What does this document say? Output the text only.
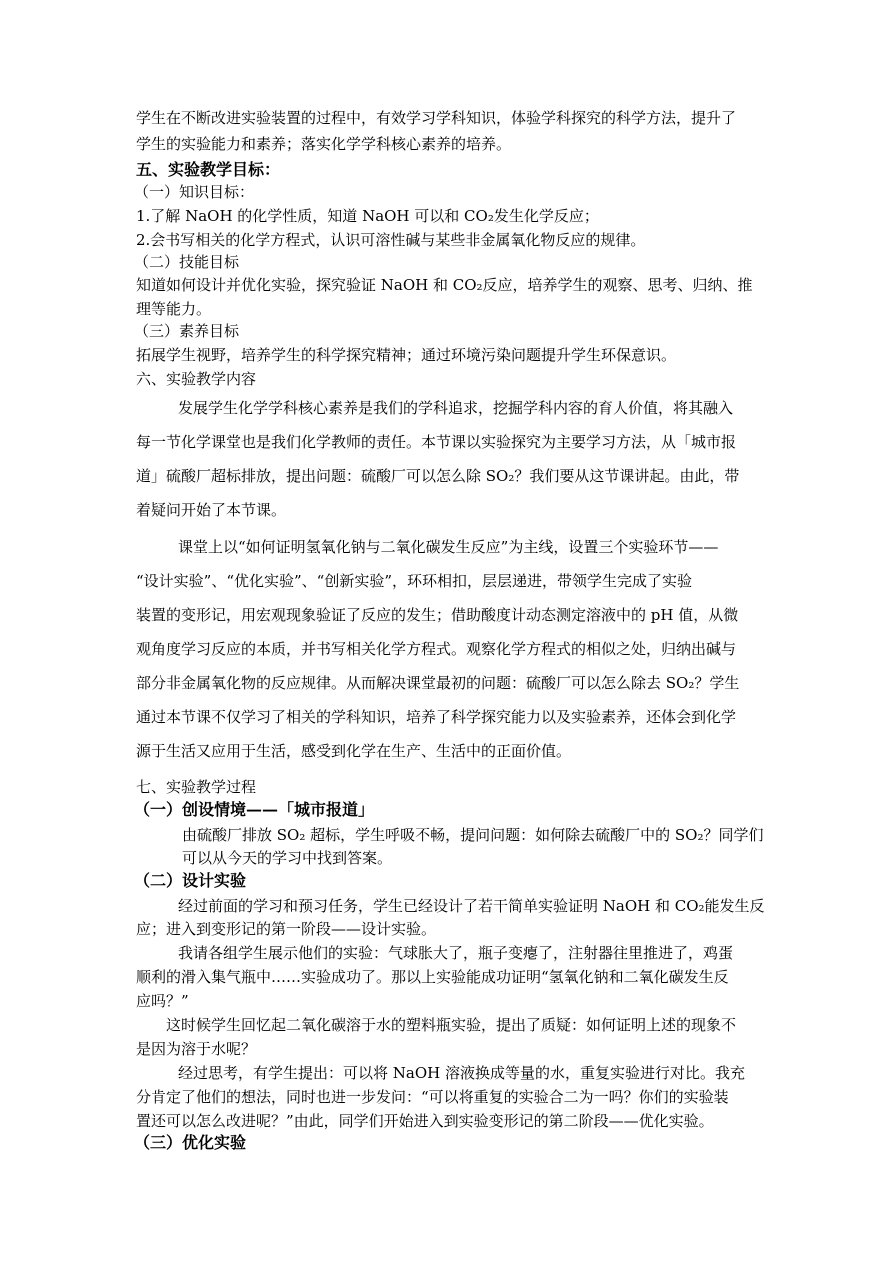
学生在不断改进实验装置的过程中，有效学习学科知识，体验学科探究的科学方法，提升了
学生的实验能力和素养；落实化学学科核心素养的培养。
五、实验教学目标：
（一）知识目标：
1.了解 NaOH 的化学性质，知道 NaOH 可以和 CO₂发生化学反应；
2.会书写相关的化学方程式，认识可溶性碱与某些非金属氧化物反应的规律。
（二）技能目标
知道如何设计并优化实验，探究验证 NaOH 和 CO₂反应，培养学生的观察、思考、归纳、推
理等能力。
（三）素养目标
拓展学生视野，培养学生的科学探究精神；通过环境污染问题提升学生环保意识。
六、实验教学内容
发展学生化学学科核心素养是我们的学科追求，挖掘学科内容的育人价值，将其融入
每一节化学课堂也是我们化学教师的责任。本节课以实验探究为主要学习方法，从「城市报
道」硫酸厂超标排放，提出问题：硫酸厂可以怎么除 SO₂？我们要从这节课讲起。由此，带
着疑问开始了本节课。
课堂上以“如何证明氢氧化钠与二氧化碳发生反应”为主线，设置三个实验环节——
“设计实验”、“优化实验”、“创新实验”，环环相扣，层层递进，带领学生完成了实验
装置的变形记，用宏观现象验证了反应的发生；借助酸度计动态测定溶液中的 pH 值，从微
观角度学习反应的本质，并书写相关化学方程式。观察化学方程式的相似之处，归纳出碱与
部分非金属氧化物的反应规律。从而解决课堂最初的问题：硫酸厂可以怎么除去 SO₂？学生
通过本节课不仅学习了相关的学科知识，培养了科学探究能力以及实验素养，还体会到化学
源于生活又应用于生活，感受到化学在生产、生活中的正面价值。
七、实验教学过程
（一）创设情境——「城市报道」
由硫酸厂排放 SO₂ 超标，学生呼吸不畅，提问问题：如何除去硫酸厂中的 SO₂？同学们
可以从今天的学习中找到答案。
（二）设计实验
经过前面的学习和预习任务，学生已经设计了若干简单实验证明 NaOH 和 CO₂能发生反
应；进入到变形记的第一阶段——设计实验。
我请各组学生展示他们的实验：气球胀大了，瓶子变瘪了，注射器往里推进了，鸡蛋
顺利的滑入集气瓶中……实验成功了。那以上实验能成功证明“氢氧化钠和二氧化碳发生反
应吗？”
这时候学生回忆起二氧化碳溶于水的塑料瓶实验，提出了质疑：如何证明上述的现象不
是因为溶于水呢？
经过思考，有学生提出：可以将 NaOH 溶液换成等量的水，重复实验进行对比。我充
分肯定了他们的想法，同时也进一步发问：“可以将重复的实验合二为一吗？你们的实验装
置还可以怎么改进呢？”由此，同学们开始进入到实验变形记的第二阶段——优化实验。
（三）优化实验
